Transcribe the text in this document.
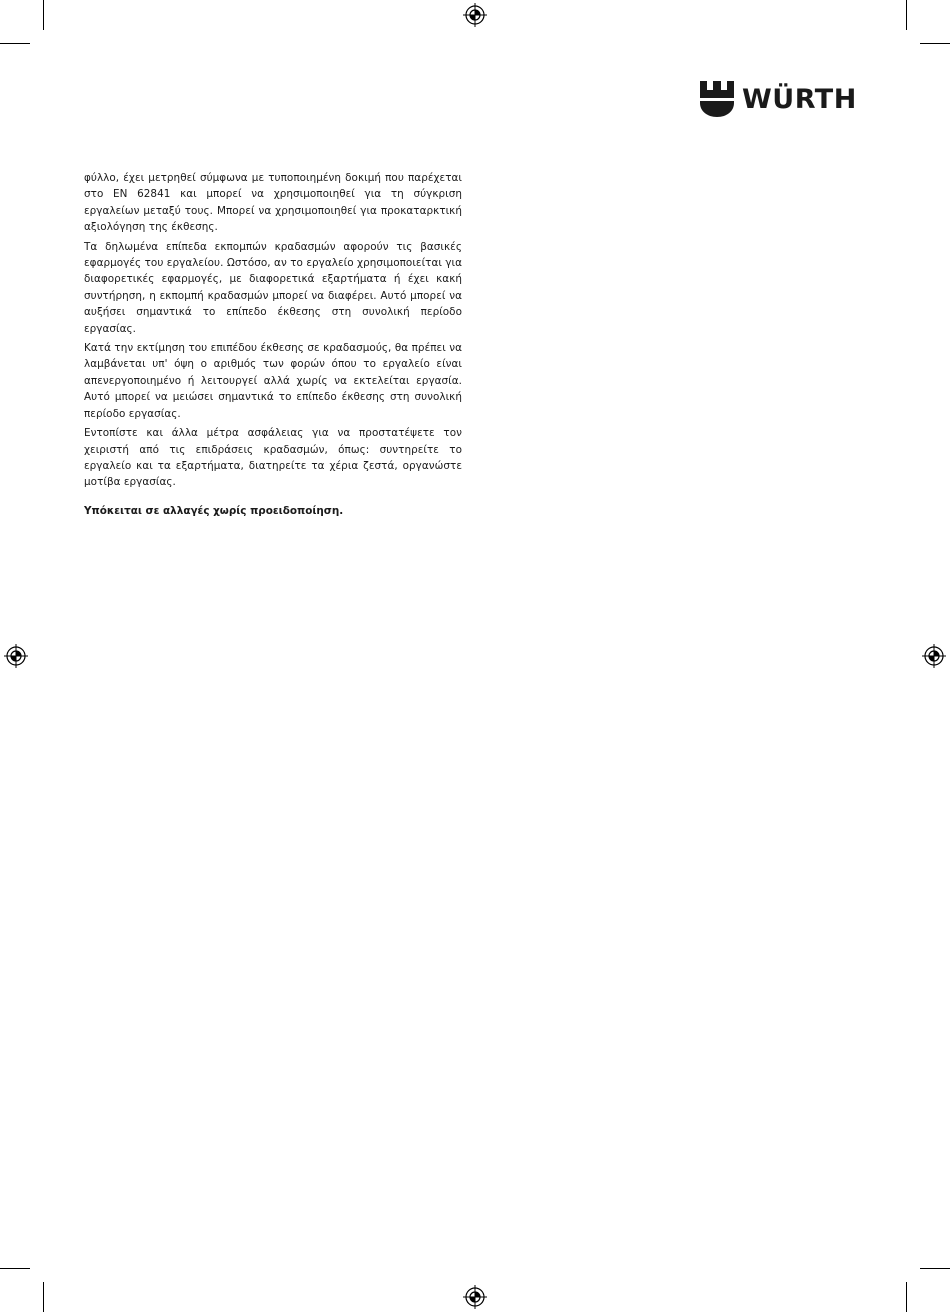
WÜRTH

φύλλο, έχει μετρηθεί σύμφωνα με τυποποιημένη δοκιμή που παρέχεται στο EN 62841 και μπορεί να χρησιμοποιηθεί για τη σύγκριση εργαλείων μεταξύ τους. Μπορεί να χρησιμοποιηθεί για προκαταρκτική αξιολόγηση της έκθεσης.

Τα δηλωμένα επίπεδα εκπομπών κραδασμών αφορούν τις βασικές εφαρμογές του εργαλείου. Ωστόσο, αν το εργαλείο χρησιμοποιείται για διαφορετικές εφαρμογές, με διαφορετικά εξαρτήματα ή έχει κακή συντήρηση, η εκπομπή κραδασμών μπορεί να διαφέρει. Αυτό μπορεί να αυξήσει σημαντικά το επίπεδο έκθεσης στη συνολική περίοδο εργασίας.

Κατά την εκτίμηση του επιπέδου έκθεσης σε κραδασμούς, θα πρέπει να λαμβάνεται υπ' όψη ο αριθμός των φορών όπου το εργαλείο είναι απενεργοποιημένο ή λειτουργεί αλλά χωρίς να εκτελείται εργασία. Αυτό μπορεί να μειώσει σημαντικά το επίπεδο έκθεσης στη συνολική περίοδο εργασίας.

Εντοπίστε και άλλα μέτρα ασφάλειας για να προστατέψετε τον χειριστή από τις επιδράσεις κραδασμών, όπως: συντηρείτε το εργαλείο και τα εξαρτήματα, διατηρείτε τα χέρια ζεστά, οργανώστε μοτίβα εργασίας.

Υπόκειται σε αλλαγές χωρίς προειδοποίηση.
